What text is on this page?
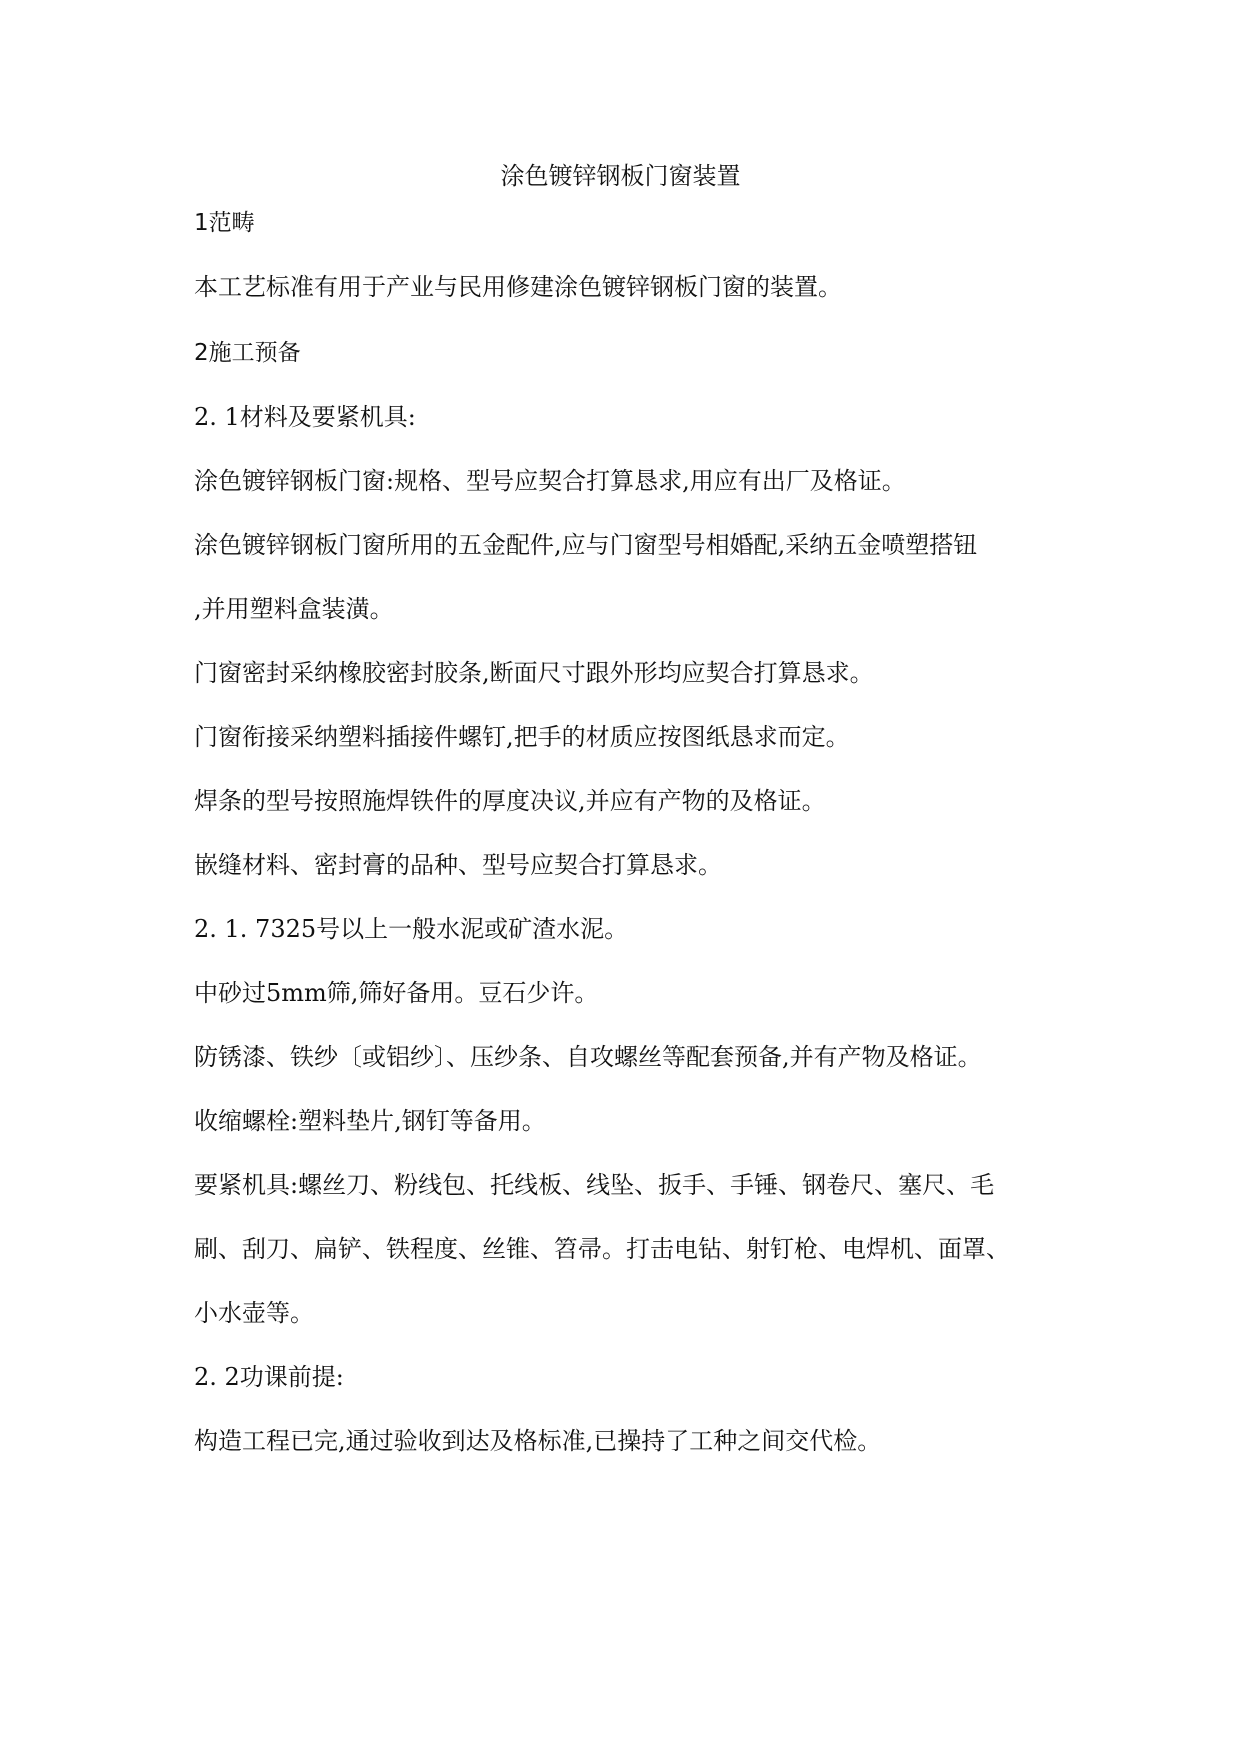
涂色镀锌钢板门窗装置
1范畴
本工艺标准有用于产业与民用修建涂色镀锌钢板门窗的装置。
2施工预备
2. 1材料及要紧机具:
涂色镀锌钢板门窗:规格、型号应契合打算恳求,用应有出厂及格证。
涂色镀锌钢板门窗所用的五金配件,应与门窗型号相婚配,采纳五金喷塑搭钮
,并用塑料盒装潢。
门窗密封采纳橡胶密封胶条,断面尺寸跟外形均应契合打算恳求。
门窗衔接采纳塑料插接件螺钉,把手的材质应按图纸恳求而定。
焊条的型号按照施焊铁件的厚度决议,并应有产物的及格证。
嵌缝材料、密封膏的品种、型号应契合打算恳求。
2. 1. 7325号以上一般水泥或矿渣水泥。
中砂过5mm筛,筛好备用。豆石少许。
防锈漆、铁纱〔或铝纱〕、压纱条、自攻螺丝等配套预备,并有产物及格证。
收缩螺栓:塑料垫片,钢钉等备用。
要紧机具:螺丝刀、粉线包、托线板、线坠、扳手、手锤、钢卷尺、塞尺、毛
刷、刮刀、扁铲、铁程度、丝锥、笤帚。打击电钻、射钉枪、电焊机、面罩、
小水壶等。
2. 2功课前提:
构造工程已完,通过验收到达及格标准,已操持了工种之间交代检。
